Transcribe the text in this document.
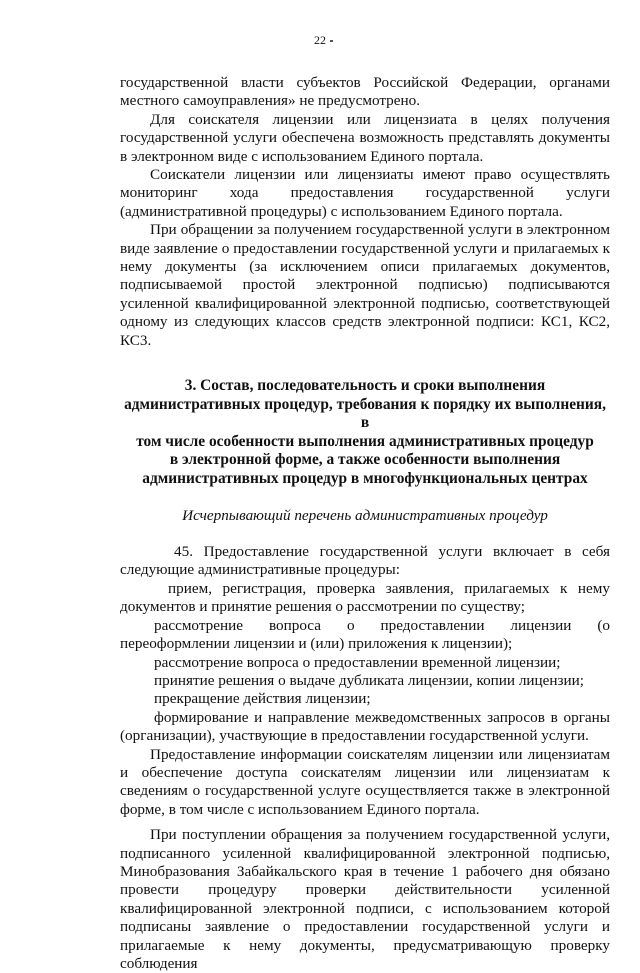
22

государственной власти субъектов Российской Федерации, органами местного самоуправления» не предусмотрено.

Для соискателя лицензии или лицензиата в целях получения государственной услуги обеспечена возможность представлять документы в электронном виде с использованием Единого портала.

Соискатели лицензии или лицензиаты имеют право осуществлять мониторинг хода предоставления государственной услуги (административной процедуры) с использованием Единого портала.

При обращении за получением государственной услуги в электронном виде заявление о предоставлении государственной услуги и прилагаемых к нему документы (за исключением описи прилагаемых документов, подписываемой простой электронной подписью) подписываются усиленной квалифицированной электронной подписью, соответствующей одному из следующих классов средств электронной подписи: КС1, КС2, КС3.

3. Состав, последовательность и сроки выполнения
административных процедур, требования к порядку их выполнения, в
том числе особенности выполнения административных процедур
в электронной форме, а также особенности выполнения
административных процедур в многофункциональных центрах

Исчерпывающий перечень административных процедур

45. Предоставление государственной услуги включает в себя следующие административные процедуры:

прием, регистрация, проверка заявления, прилагаемых к нему документов и принятие решения о рассмотрении по существу;

рассмотрение вопроса о предоставлении лицензии (о переоформлении лицензии и (или) приложения к лицензии);

рассмотрение вопроса о предоставлении временной лицензии;

принятие решения о выдаче дубликата лицензии, копии лицензии;

прекращение действия лицензии;

формирование и направление межведомственных запросов в органы (организации), участвующие в предоставлении государственной услуги.

Предоставление информации соискателям лицензии или лицензиатам и обеспечение доступа соискателям лицензии или лицензиатам к сведениям о государственной услуге осуществляется также в электронной форме, в том числе с использованием Единого портала.

При поступлении обращения за получением государственной услуги, подписанного усиленной квалифицированной электронной подписью, Минобразования Забайкальского края в течение 1 рабочего дня обязано провести процедуру проверки действительности усиленной квалифицированной электронной подписи, с использованием которой подписаны заявление о предоставлении государственной услуги и прилагаемые к нему документы, предусматривающую проверку соблюдения
